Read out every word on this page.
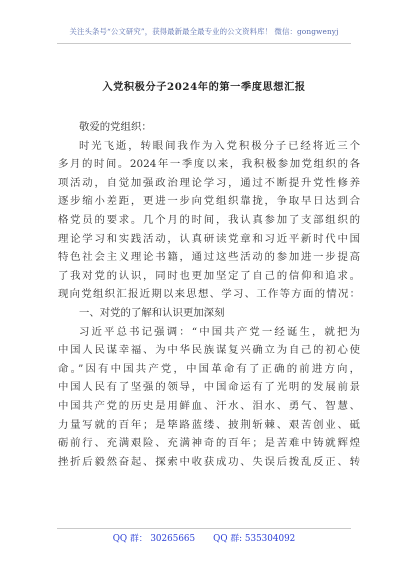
关注头条号“公文研究”，获得最新最全最专业的公文资料库！ 微信：gongwenyj
入党积极分子2024年的第一季度思想汇报
敬爱的党组织：
时光飞逝，转眼间我作为入党积极分子已经将近三个
多月的时间。2024年一季度以来，我积极参加党组织的各
项活动，自觉加强政治理论学习，通过不断提升党性修养
逐步缩小差距，更进一步向党组织靠拢，争取早日达到合
格党员的要求。几个月的时间，我认真参加了支部组织的
理论学习和实践活动，认真研读党章和习近平新时代中国
特色社会主义理论书籍，通过这些活动的参加进一步提高
了我对党的认识，同时也更加坚定了自己的信仰和追求。
现向党组织汇报近期以来思想、学习、工作等方面的情况：
一、对党的了解和认识更加深刻
习近平总书记强调：“中国共产党一经诞生，就把为
中国人民谋幸福、为中华民族谋复兴确立为自己的初心使
命。”因有中国共产党，中国革命有了正确的前进方向，
中国人民有了坚强的领导，中国命运有了光明的发展前景
中国共产党的历史是用鲜血、汗水、泪水、勇气、智慧、
力量写就的百年；是筚路蓝缕、披荆斩棘、艰苦创业、砥
砺前行、充满艰险、充满神奇的百年；是苦难中铸就辉煌
挫折后毅然奋起、探索中收获成功、失误后拨乱反正、转
QQ 群： 30265665 QQ 群: 535304092
